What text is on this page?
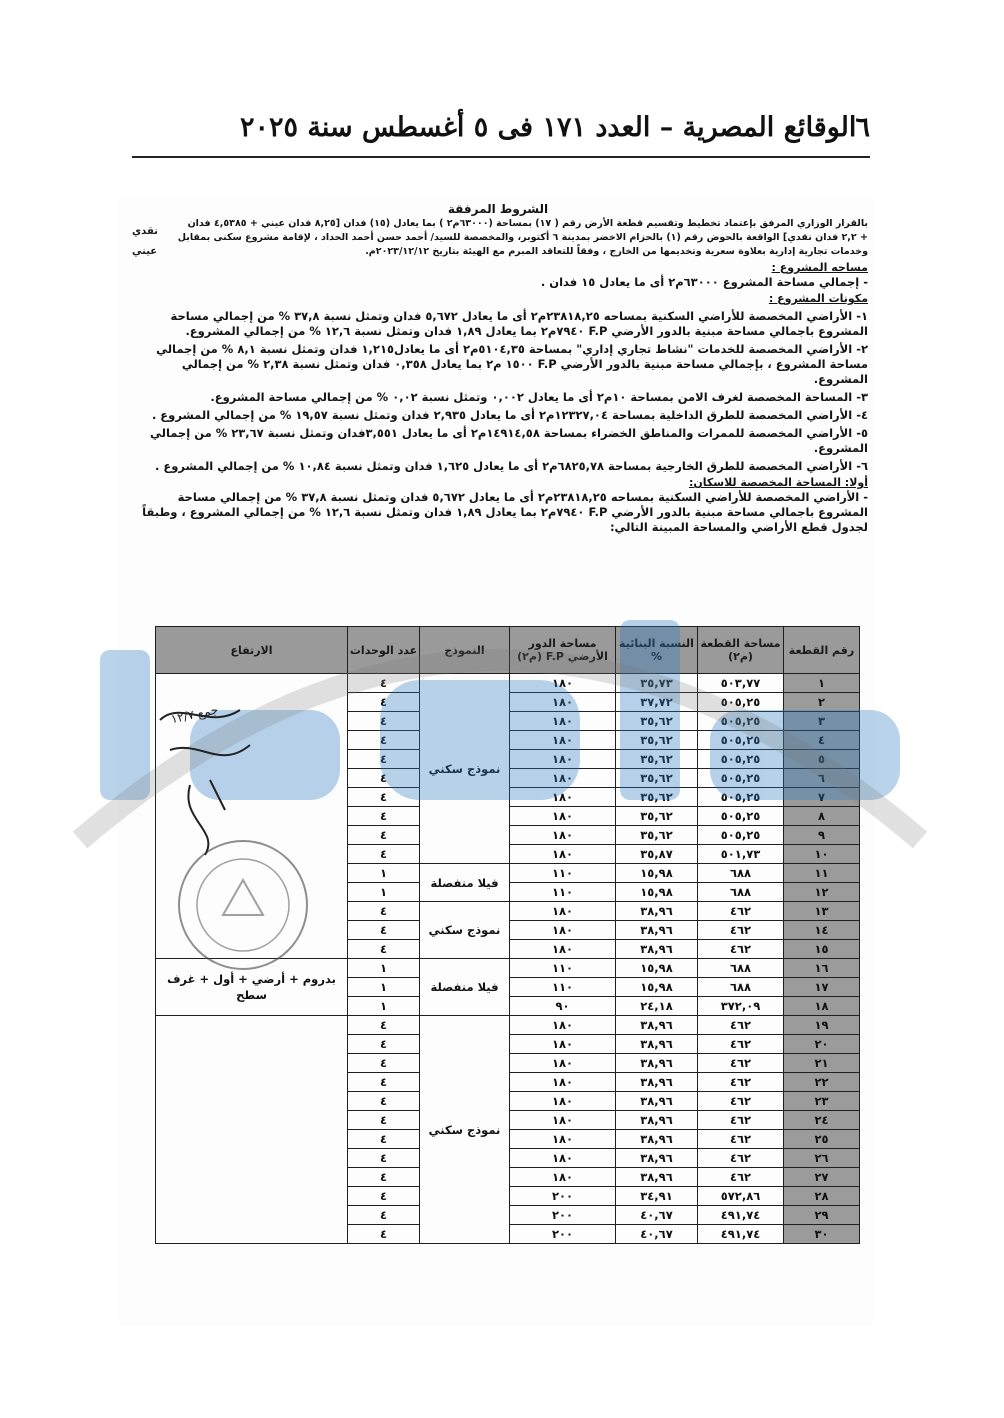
٦
الوقائع المصرية – العدد ١٧١ فى ٥ أغسطس سنة ٢٠٢٥
الشروط المرفقة
بالقرار الوزاري المرفق بإعتماد تخطيط وتقسيم قطعة الأرض رقم ( ١٧) بمساحة (٦٣٠٠٠م٢ ) بما يعادل (١٥) فدان [٨,٢٥ فدان عيني + ٤,٥٣٨٥ فدان
+ ٢,٢ فدان نقدي] الواقعة بالحوض رقم (١) بالحزام الاخضر بمدينة ٦ أكتوبر، والمخصصة للسيد/ أحمد حسن أحمد الحداد ، لإقامة مشروع سكنى بمقابل
وخدمات تجارية إدارية بعلاوة سعرية وتخديمها من الخارج ، وفقاً للتعاقد المبرم مع الهيئة بتاريخ ٢٠٢٣/١٢/١٢م.
مساحه المشروع :
- إجمالي مساحة المشروع ٦٣٠٠٠م٢ أى ما يعادل ١٥ فدان .
مكونات المشروع :
١- الأراضي المخصصة للأراضي السكنية بمساحه ٢٣٨١٨,٢٥م٢ أى ما يعادل ٥,٦٧٢ فدان وتمثل نسبة ٣٧,٨ % من إجمالي مساحة المشروع باجمالي مساحة مبنية بالدور الأرضي F.P ٧٩٤٠م٢ بما يعادل ١,٨٩ فدان وتمثل نسبة ١٢,٦ % من إجمالي المشروع.
٢- الأراضي المخصصة للخدمات "نشاط تجاري إداري" بمساحة ٥١٠٤,٣٥م٢ أى ما يعادل١,٢١٥ فدان وتمثل نسبة ٨,١ % من إجمالي مساحة المشروع ، بإجمالي مساحة مبنية بالدور الأرضي F.P ١٥٠٠ م٢ بما يعادل ٠,٣٥٨ فدان وتمثل نسبة ٢,٣٨ % من إجمالي المشروع.
٣- المساحة المخصصة لغرف الامن بمساحة ١٠م٢ أى ما يعادل ٠,٠٠٢ وتمثل نسبة ٠,٠٢ % من إجمالي مساحة المشروع.
٤- الأراضي المخصصة للطرق الداخلية بمساحة ١٢٣٢٧,٠٤م٢ أى ما يعادل ٢,٩٣٥ فدان وتمثل نسبة ١٩,٥٧ % من إجمالي المشروع .
٥- الأراضي المخصصة للممرات والمناطق الخضراء بمساحة ١٤٩١٤,٥٨م٢ أى ما يعادل ٣,٥٥١فدان وتمثل نسبة ٢٣,٦٧ % من إجمالي المشروع.
٦- الأراضي المخصصة للطرق الخارجية بمساحة ٦٨٢٥,٧٨م٢ أى ما يعادل ١,٦٢٥ فدان وتمثل نسبة ١٠,٨٤ % من إجمالي المشروع .
أولا: المساحة المخصصة للاسكان:
- الأراضي المخصصة للأراضي السكنية بمساحه ٢٣٨١٨,٢٥م٢ أى ما يعادل ٥,٦٧٢ فدان وتمثل نسبة ٣٧,٨ % من إجمالي مساحة المشروع باجمالي مساحة مبنية بالدور الأرضي F.P ٧٩٤٠م٢ بما يعادل ١,٨٩ فدان وتمثل نسبة ١٢,٦ % من إجمالي المشروع ، وطبقاً لجدول قطع الأراضي والمساحة المبينة التالي:
نقدي
عيني
رقم القطعة	مساحة القطعة (م٢)	النسبة البنائية %	مساحة الدور الأرضي F.P (م٢)	النموذج	عدد الوحدات	الارتفاع
١	٥٠٣,٧٧	٣٥,٧٣	١٨٠	نموذج سكني	٤	
٢	٥٠٥,٢٥	٣٧,٧٢	١٨٠		٤	
٣	٥٠٥,٢٥	٣٥,٦٢	١٨٠		٤	
٤	٥٠٥,٢٥	٣٥,٦٢	١٨٠		٤	
٥	٥٠٥,٢٥	٣٥,٦٢	١٨٠		٤	
٦	٥٠٥,٢٥	٣٥,٦٢	١٨٠		٤	
٧	٥٠٥,٢٥	٣٥,٦٢	١٨٠		٤	
٨	٥٠٥,٢٥	٣٥,٦٢	١٨٠		٤	
٩	٥٠٥,٢٥	٣٥,٦٢	١٨٠		٤	
١٠	٥٠١,٧٣	٣٥,٨٧	١٨٠		٤	
١١	٦٨٨	١٥,٩٨	١١٠	فيلا منفصلة	١	
١٢	٦٨٨	١٥,٩٨	١١٠		١	
١٣	٤٦٢	٣٨,٩٦	١٨٠	نموذج سكني	٤	
١٤	٤٦٢	٣٨,٩٦	١٨٠		٤	
١٥	٤٦٢	٣٨,٩٦	١٨٠		٤	
١٦	٦٨٨	١٥,٩٨	١١٠	فيلا منفصلة	١	بدروم + أرضي + أول + غرف سطح
١٧	٦٨٨	١٥,٩٨	١١٠		١	
١٨	٣٧٢,٠٩	٢٤,١٨	٩٠		١	
١٩	٤٦٢	٣٨,٩٦	١٨٠	نموذج سكني	٤	
٢٠	٤٦٢	٣٨,٩٦	١٨٠		٤	
٢١	٤٦٢	٣٨,٩٦	١٨٠		٤	
٢٢	٤٦٢	٣٨,٩٦	١٨٠		٤	
٢٣	٤٦٢	٣٨,٩٦	١٨٠		٤	
٢٤	٤٦٢	٣٨,٩٦	١٨٠		٤	
٢٥	٤٦٢	٣٨,٩٦	١٨٠		٤	
٢٦	٤٦٢	٣٨,٩٦	١٨٠		٤	
٢٧	٤٦٢	٣٨,٩٦	١٨٠		٤	
٢٨	٥٧٢,٨٦	٣٤,٩١	٢٠٠		٤	
٢٩	٤٩١,٧٤	٤٠,٦٧	٢٠٠		٤	
٣٠	٤٩١,٧٤	٤٠,٦٧	٢٠٠		٤	
جمع ١٢/٧
